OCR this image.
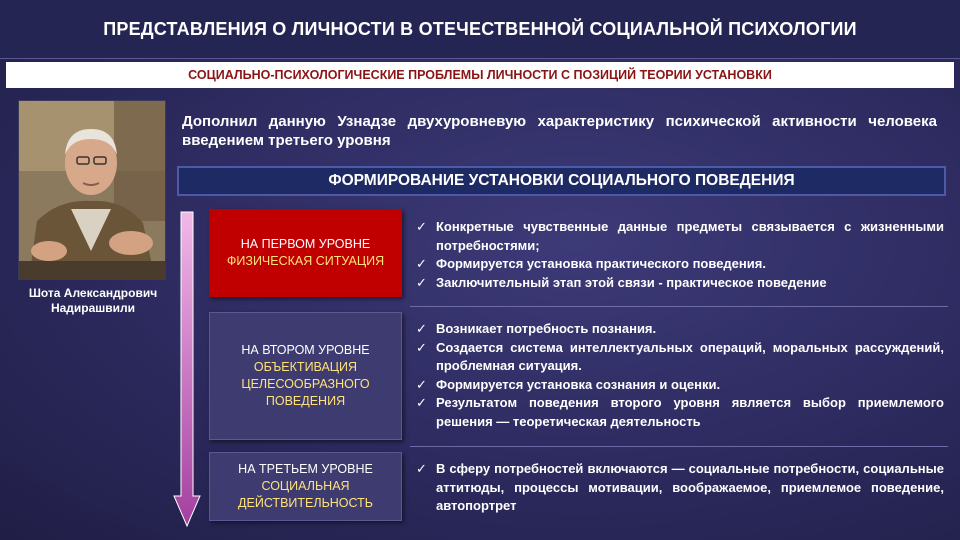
ПРЕДСТАВЛЕНИЯ О ЛИЧНОСТИ В ОТЕЧЕСТВЕННОЙ СОЦИАЛЬНОЙ ПСИХОЛОГИИ
СОЦИАЛЬНО-ПСИХОЛОГИЧЕСКИЕ ПРОБЛЕМЫ ЛИЧНОСТИ С ПОЗИЦИЙ ТЕОРИИ УСТАНОВКИ
Шота Александрович
Надирашвили
Дополнил данную Узнадзе двухуровневую характеристику психической активности человека введением третьего уровня
ФОРМИРОВАНИЕ УСТАНОВКИ СОЦИАЛЬНОГО ПОВЕДЕНИЯ
НА ПЕРВОМ УРОВНЕ
ФИЗИЧЕСКАЯ СИТУАЦИЯ
НА ВТОРОМ УРОВНЕ
ОБЪЕКТИВАЦИЯ ЦЕЛЕСООБРАЗНОГО ПОВЕДЕНИЯ
НА ТРЕТЬЕМ УРОВНЕ
СОЦИАЛЬНАЯ ДЕЙСТВИТЕЛЬНОСТЬ
✓ Конкретные чувственные данные предметы связывается с жизненными потребностями;
✓ Формируется установка практического поведения.
✓ Заключительный этап этой связи - практическое поведение
✓ Возникает потребность познания.
✓ Создается система интеллектуальных операций, моральных рассуждений, проблемная ситуация.
✓ Формируется установка сознания и оценки.
✓ Результатом поведения второго уровня является выбор приемлемого решения — теоретическая деятельность
✓ В сферу потребностей включаются — социальные потребности, социальные аттитюды, процессы мотивации, воображаемое, приемлемое поведение, автопортрет
